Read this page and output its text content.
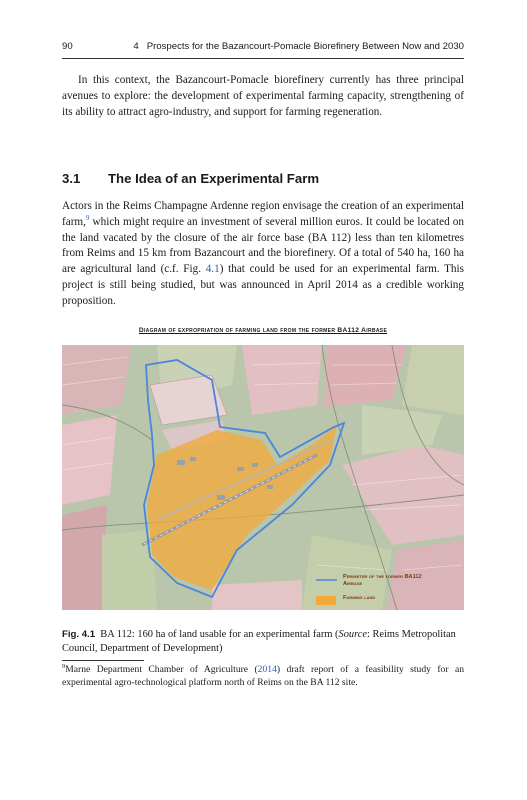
90	4   Prospects for the Bazancourt-Pomacle Biorefinery Between Now and 2030

In this context, the Bazancourt-Pomacle biorefinery currently has three principal avenues to explore: the development of experimental farming capacity, strengthening of its ability to attract agro-industry, and support for farming regeneration.

3.1 The Idea of an Experimental Farm

Actors in the Reims Champagne Ardenne region envisage the creation of an experimental farm,$^9$ which might require an investment of several million euros. It could be located on the land vacated by the closure of the air force base (BA 112) less than ten kilometres from Reims and 15 km from Bazancourt and the biorefinery. Of a total of 540 ha, 160 ha are agricultural land (c.f. Fig. 4.1) that could be used for an experimental farm. This project is still being studied, but was announced in April 2014 as a credible working proposition.

Diagram of expropriation of farming land from the former BA112 Airbase
Perimeter of the former BA112
Airbase
Farming land

Fig. 4.1  BA 112: 160 ha of land usable for an experimental farm (Source: Reims Metropolitan Council, Department of Development)

$^9$Marne Department Chamber of Agriculture (2014) draft report of a feasibility study for an experimental agro-technological platform north of Reims on the BA 112 site.
